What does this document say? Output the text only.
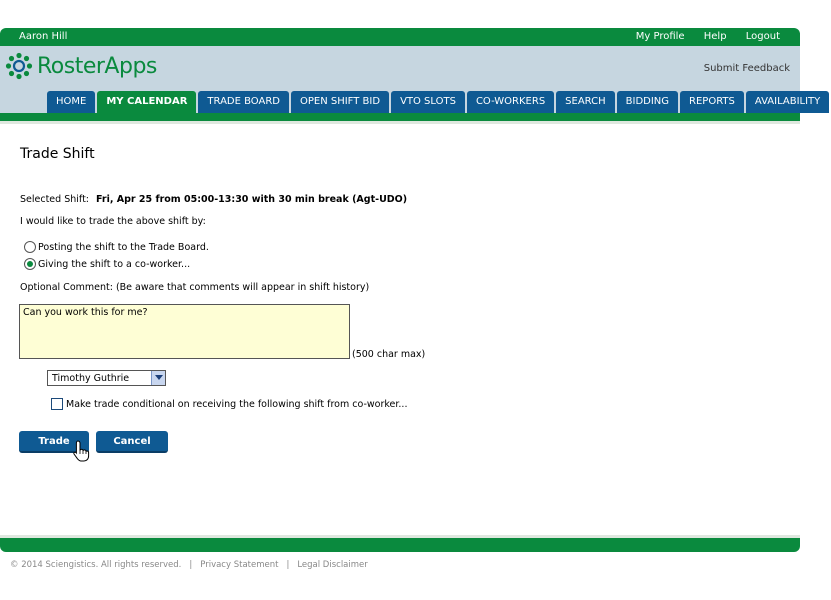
Aaron Hill	My Profile Help Logout
RosterApps	Submit Feedback
HOME	MY CALENDAR	TRADE BOARD	OPEN SHIFT BID	VTO SLOTS	CO-WORKERS	SEARCH	BIDDING	REPORTS	AVAILABILITY
Trade Shift
Selected Shift: Fri, Apr 25 from 05:00-13:30 with 30 min break (Agt-UDO)
I would like to trade the above shift by:
Posting the shift to the Trade Board.
Giving the shift to a co-worker...
Optional Comment: (Be aware that comments will appear in shift history)
Can you work this for me?
(500 char max)
Timothy Guthrie
Make trade conditional on receiving the following shift from co-worker...
Trade	Cancel
© 2014 Sciengistics. All rights reserved. | Privacy Statement | Legal Disclaimer
